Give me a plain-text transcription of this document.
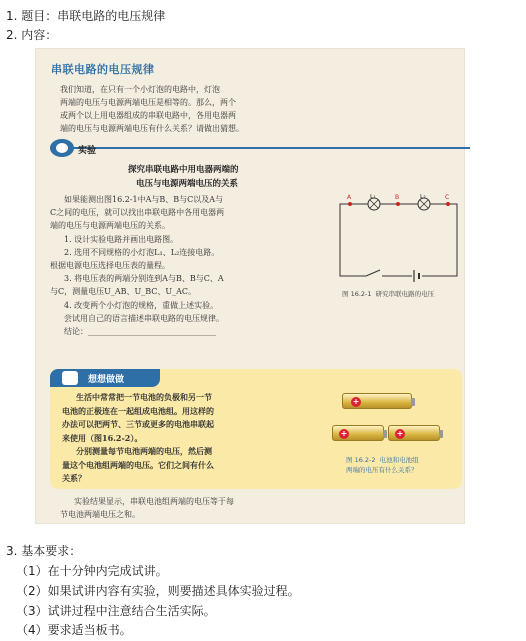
1. 题目：串联电路的电压规律
2. 内容：
串联电路的电压规律
我们知道，在只有一个小灯泡的电路中，灯泡
两端的电压与电源两端电压是相等的。那么，两个
或两个以上用电器组成的串联电路中，各用电器两
端的电压与电源两端电压有什么关系？请做出猜想。
实验
探究串联电路中用电器两端的
电压与电源两端电压的关系
如果能测出图16.2-1中A与B、B与C以及A与
C之间的电压，就可以找出串联电路中各用电器两
端的电压与电源两端电压的关系。
1. 设计实验电路并画出电路图。
2. 选用不同规格的小灯泡L₁、L₂连接电路。
根据电源电压选择电压表的量程。
3. 将电压表的两端分别连到A与B、B与C、A
与C，测量电压U_AB、U_BC、U_AC。
4. 改变两个小灯泡的规格，重做上述实验。
尝试用自己的语言描述串联电路的电压规律。
结论：________________________________
A	L₁	B	L₂	C
图 16.2-1 研究串联电路的电压
想想做做
生活中常常把一节电池的负极和另一节
电池的正极连在一起组成电池组。用这样的
办法可以把两节、三节或更多的电池串联起
来使用（图16.2-2）。
分别测量每节电池两端的电压，然后测
量这个电池组两端的电压。它们之间有什么
关系？
+
+	+
图 16.2-2 电池和电池组
两端的电压有什么关系？
实验结果显示，串联电池组两端的电压等于每
节电池两端电压之和。
3. 基本要求：
（1）在十分钟内完成试讲。
（2）如果试讲内容有实验，则要描述具体实验过程。
（3）试讲过程中注意结合生活实际。
（4）要求适当板书。
